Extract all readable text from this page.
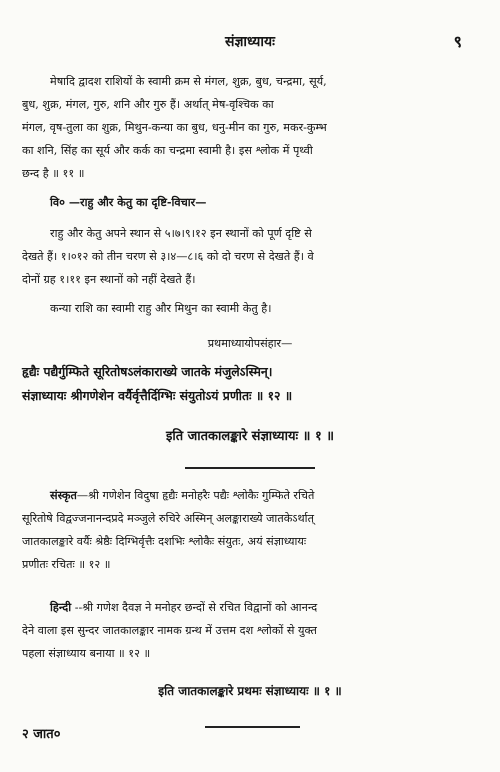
संज्ञाध्यायः	९

मेषादि द्वादश राशियों के स्वामी क्रम से मंगल, शुक्र, बुध, चन्द्रमा, सूर्य,

बुध, शुक्र, मंगल, गुरु, शनि और गुरु हैं। अर्थात् मेष-वृश्चिक का

मंगल, वृष-तुला का शुक्र, मिथुन-कन्या का बुध, धनु-मीन का गुरु, मकर-कुम्भ

का शनि, सिंह का सूर्य और कर्क का चन्द्रमा स्वामी है। इस श्लोक में पृथ्वी

छन्द है ॥ ११ ॥

वि० —राहु और केतु का दृष्टि-विचार—

राहु और केतु अपने स्थान से ५।७।९।१२ इन स्थानों को पूर्ण दृष्टि से

देखते हैं। १।०१२ को तीन चरण से ३।४—८।६ को दो चरण से देखते हैं। वे

दोनों ग्रह १।११ इन स्थानों को नहीं देखते हैं।

कन्या राशि का स्वामी राहु और मिथुन का स्वामी केतु है।

प्रथमाध्यायोपसंहार—

हृद्यैः पद्यैर्गुम्फिते सूरितोषऽलंकाराख्ये जातके मंजुलेऽस्मिन्।

संज्ञाध्यायः श्रीगणेशेन वर्यैर्वृत्तैर्दिग्भिः संयुतोऽयं प्रणीतः ॥ १२ ॥

इति जातकालङ्कारे संज्ञाध्यायः ॥ १ ॥

संस्कृत—श्री गणेशेन विदुषा हृद्यैः मनोहरैः पद्यैः श्लोकैः गुम्फिते रचिते

सूरितोषे विद्वज्जनानन्दप्रदे मञ्जुले रुचिरे अस्मिन् अलङ्काराख्ये जातकेऽर्थात्

जातकालङ्कारे वर्यैः श्रेष्ठैः दिग्भिर्वृत्तैः दशभिः श्लोकैः संयुतः, अयं संज्ञाध्यायः

प्रणीतः रचितः ॥ १२ ॥

हिन्दी --श्री गणेश दैवज्ञ ने मनोहर छन्दों से रचित विद्वानों को आनन्द

देने वाला इस सुन्दर जातकालङ्कार नामक ग्रन्थ में उत्तम दश श्लोकों से युक्त

पहला संज्ञाध्याय बनाया ॥ १२ ॥

इति जातकालङ्कारे प्रथमः संज्ञाध्यायः ॥ १ ॥

२ जात०
